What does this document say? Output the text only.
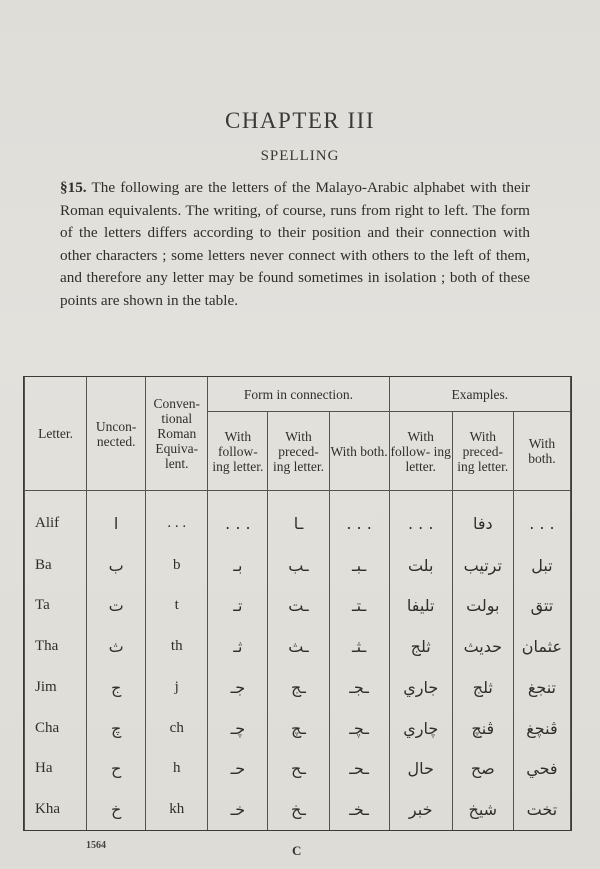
CHAPTER III
SPELLING
§15. The following are the letters of the Malayo-Arabic alphabet with their Roman equivalents. The writing, of course, runs from right to left. The form of the letters differs according to their position and their connection with other characters ; some letters never connect with others to the left of them, and therefore any letter may be found sometimes in isolation ; both of these points are shown in the table.
Letter.	Uncon- nected.	Conven- tional Roman Equiva- lent.	Form in connection.			Examples.		
			With follow- ing letter.	With preced- ing letter.	With both.	With follow- ing letter.	With preced- ing letter.	With both.
Alif	ا	. . .	. . .	ـا	. . .	. . .	دفا	. . .
Ba	ب	b	بـ	ـب	ـبـ	بلت	ترتيب	تبل
Ta	ت	t	تـ	ـت	ـتـ	تليفا	بولت	تتق
Tha	ث	th	ثـ	ـث	ـثـ	ثلج	حديث	عثمان
Jim	ج	j	جـ	ـج	ـجـ	جاري	ثلج	تنجغ
Cha	چ	ch	چـ	ـچ	ـچـ	چاري	ڤنچ	ڤنچغ
Ha	ح	h	حـ	ـح	ـحـ	حال	صح	فحي
Kha	خ	kh	خـ	ـخ	ـخـ	خبر	شيخ	تخت
1564	C
